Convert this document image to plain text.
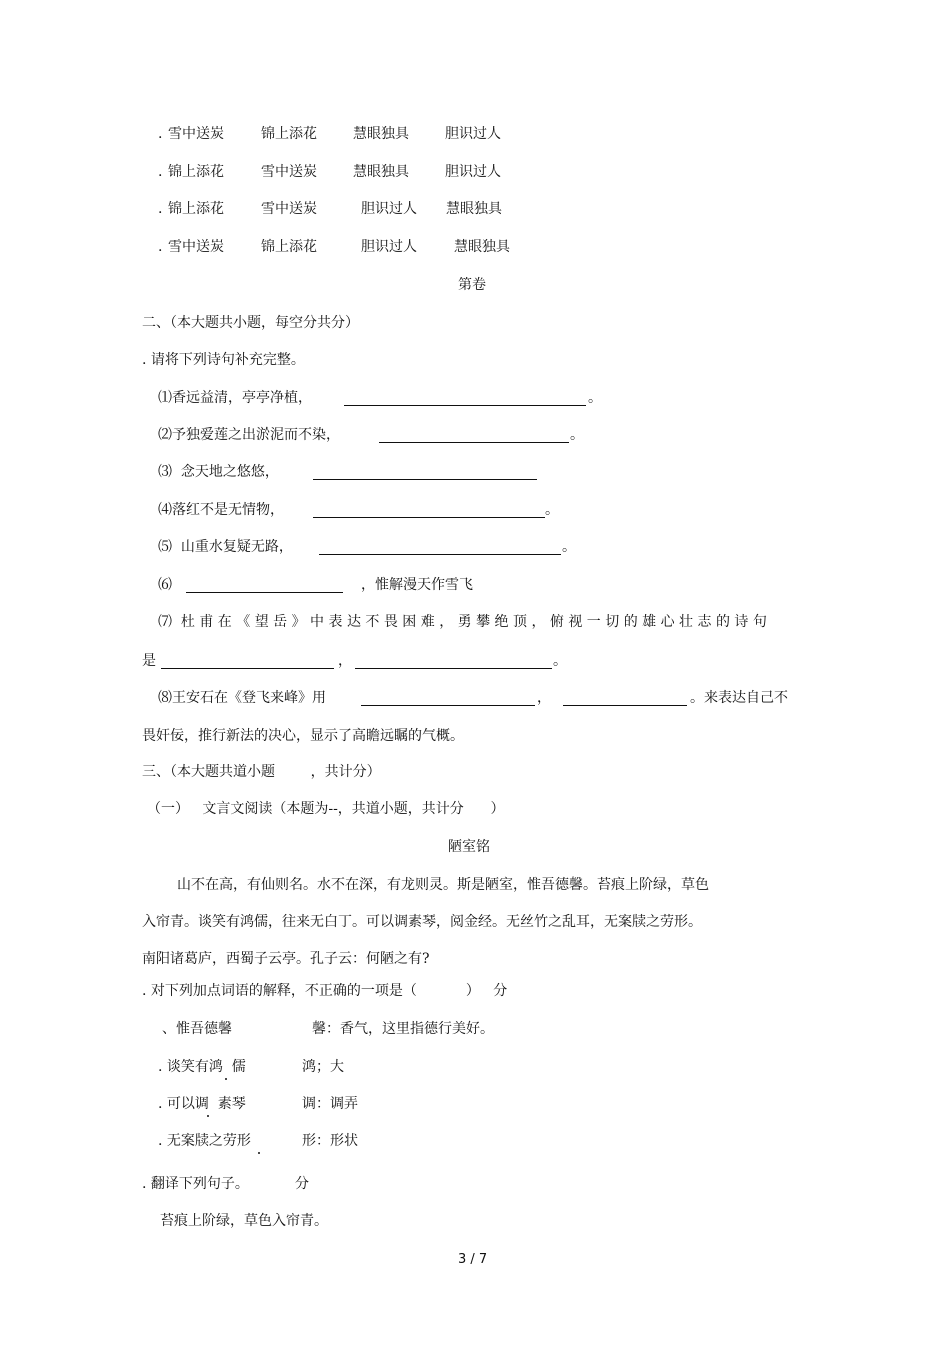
. 雪中送炭	锦上添花	慧眼独具	胆识过人
. 锦上添花	雪中送炭	慧眼独具	胆识过人
. 锦上添花	雪中送炭	胆识过人 慧眼独具
. 雪中送炭	锦上添花	胆识过人	慧眼独具
第卷
二、（本大题共小题，每空分共分）
. 请将下列诗句补充完整。
⑴香远益清，亭亭净植，	。
⑵予独爱莲之出淤泥而不染，	。
⑶  念天地之悠悠，
⑷落红不是无情物，	。
⑸  山重水复疑无路，	。
⑹	，惟解漫天作雪飞
⑺  杜 甫 在 《 望 岳 》 中 表 达 不 畏 困 难 ， 勇 攀 绝 顶 ， 俯 视 一 切 的 雄 心 壮 志 的 诗 句
是	，	。
⑻王安石在《登飞来峰》用	，	。来表达自己不
畏奸佞，推行新法的决心，显示了高瞻远瞩的气概。
三、（本大题共道小题        ，共计分）
（一）   文言文阅读（本题为--，共道小题，共计分      ）
陋室铭
山不在高，有仙则名。水不在深，有龙则灵。斯是陋室，惟吾德馨。苔痕上阶绿，草色
入帘青。谈笑有鸿儒，往来无白丁。可以调素琴，阅金经。无丝竹之乱耳，无案牍之劳形。
南阳诸葛庐，西蜀子云亭。孔子云：何陋之有?
. 对下列加点词语的解释，不正确的一项是（           ）   分
、惟吾德馨	馨：香气，这里指德行美好。
. 谈笑有鸿  儒	鸿；大
. 可以调  素琴	调：调弄
. 无案牍之劳形	形：形状
. 翻译下列句子。	分
苔痕上阶绿，草色入帘青。
3 / 7
